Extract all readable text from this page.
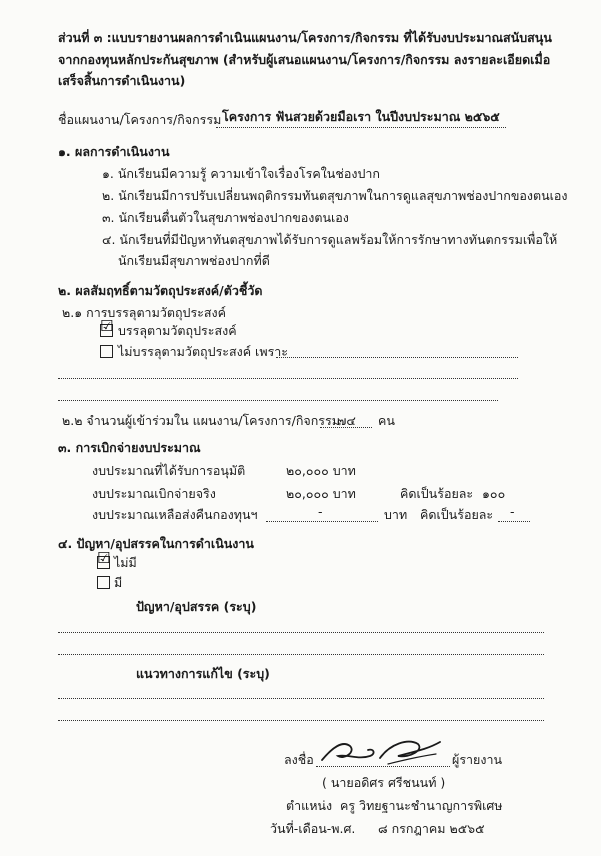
ส่วนที่ ๓ :แบบรายงานผลการดำเนินแผนงาน/โครงการ/กิจกรรม ที่ได้รับงบประมาณสนับสนุน
จากกองทุนหลักประกันสุขภาพ (สำหรับผู้เสนอแผนงาน/โครงการ/กิจกรรม ลงรายละเอียดเมื่อ
เสร็จสิ้นการดำเนินงาน)
ชื่อแผนงาน/โครงการ/กิจกรรม โครงการ ฟันสวยด้วยมือเรา ในปีงบประมาณ ๒๕๖๕
๑. ผลการดำเนินงาน
๑. นักเรียนมีความรู้ ความเข้าใจเรื่องโรคในช่องปาก
๒. นักเรียนมีการปรับเปลี่ยนพฤติกรรมทันตสุขภาพในการดูแลสุขภาพช่องปากของตนเอง
๓. นักเรียนตื่นตัวในสุขภาพช่องปากของตนเอง
๔. นักเรียนที่มีปัญหาทันตสุขภาพได้รับการดูแลพร้อมให้การรักษาทางทันตกรรมเพื่อให้
นักเรียนมีสุขภาพช่องปากที่ดี
๒. ผลสัมฤทธิ์ตามวัตถุประสงค์/ตัวชี้วัด
๒.๑ การบรรลุตามวัตถุประสงค์
☑ บรรลุตามวัตถุประสงค์
ไม่บรรลุตามวัตถุประสงค์ เพราะ
๒.๒ จำนวนผู้เข้าร่วมใน แผนงาน/โครงการ/กิจกรรม
๗๔ คน
๓. การเบิกจ่ายงบประมาณ
งบประมาณที่ได้รับการอนุมัติ	๒๐,๐๐๐ บาท
งบประมาณเบิกจ่ายจริง	๒๐,๐๐๐ บาท	คิดเป็นร้อยละ ๑๐๐
งบประมาณเหลือส่งคืนกองทุนฯ	-	บาท คิดเป็นร้อยละ -
๔. ปัญหา/อุปสรรคในการดำเนินงาน
☑ ไม่มี
มี
ปัญหา/อุปสรรค (ระบุ)
แนวทางการแก้ไข (ระบุ)
ลงชื่อ	ผู้รายงาน
( นายอดิศร ศรีชนนท์ )
ตำแหน่ง ครู วิทยฐานะชำนาญการพิเศษ
วันที่-เดือน-พ.ศ. ๘ กรกฎาคม ๒๕๖๕
